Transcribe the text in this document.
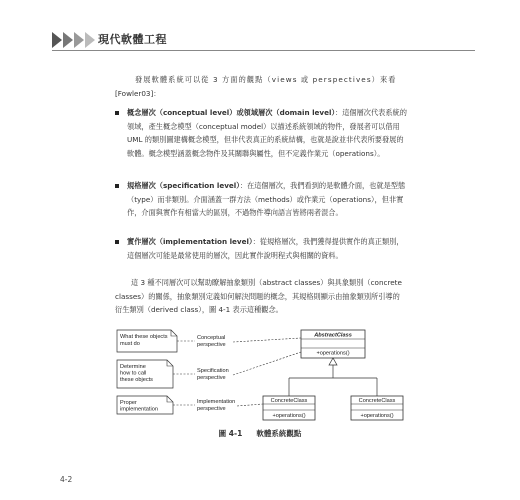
現代軟體工程
發展軟體系統可以從 3 方面的觀點（views 或 perspectives）來看
[Fowler03]：
概念層次（conceptual level）或領域層次（domain level）：這個層次代表系統的領域，產生概念模型（conceptual model）以描述系統領域的物件，發展者可以借用 UML 的類別圖建構概念模型，但非代表真正的系統結構，也就是說並非代表所要發展的軟體。概念模型涵蓋概念物件及其關聯與屬性，但不定義作業元（operations）。
規格層次（specification level）：在這個層次，我們看到的是軟體介面，也就是型態（type）而非類別。介面涵蓋一群方法（methods）或作業元（operations），但非實作，介面與實作有相當大的區別，不過物件導向語言皆將兩者混合。
實作層次（implementation level）：從規格層次，我們獲得提供實作的真正類別，這個層次可能是最常使用的層次，因此實作說明程式與相關的資料。
這 3 種不同層次可以幫助瞭解抽象類別（abstract classes）與具象類別（concrete classes）的關係，抽象類別定義如何解決問題的概念，其規格則顯示由抽象類別所引導的衍生類別（derived class），圖 4-1 表示這種觀念。
What these objects must do
Determine how to call these objects
Proper implementation
Conceptual perspective
Specification perspective
Implementation perspective
AbstractClass
+operations()
ConcreteClass
+operations()
ConcreteClass
+operations()
圖 4-1 軟體系統觀點
4-2
